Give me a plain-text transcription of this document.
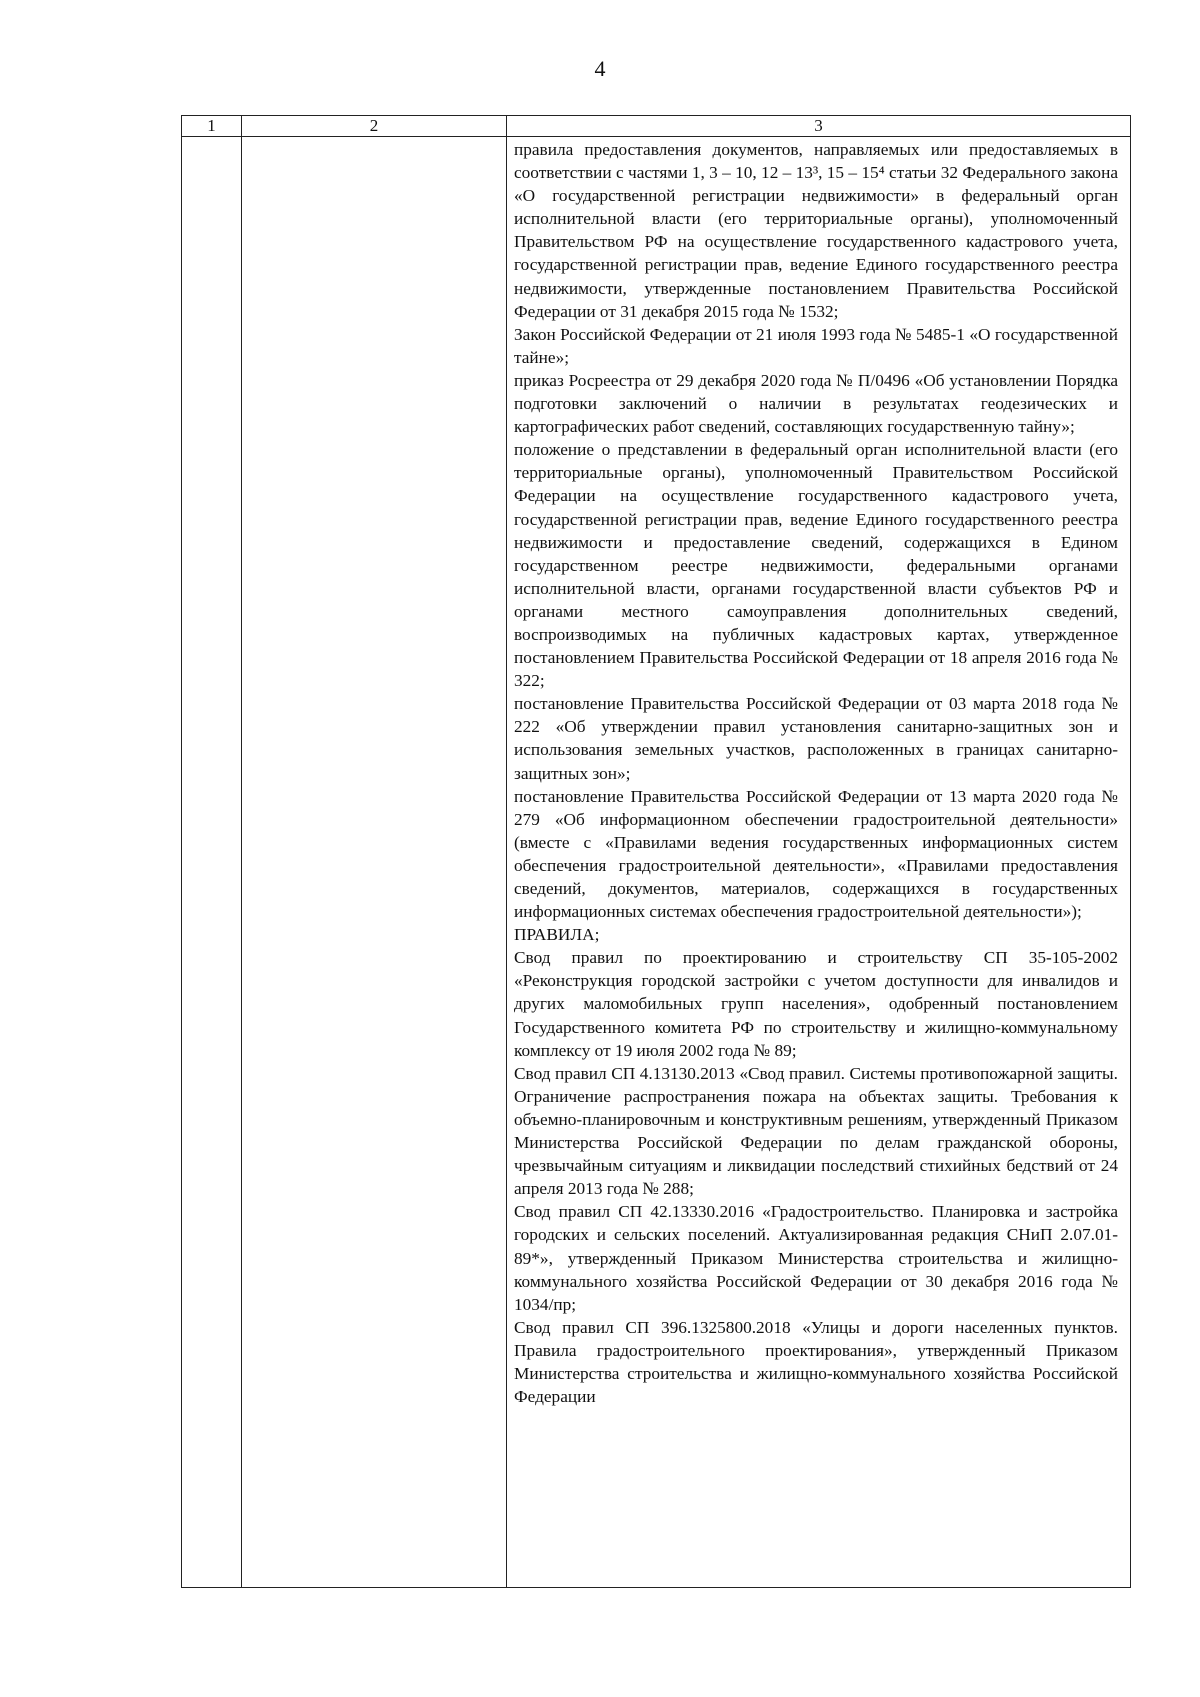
4
1	2	3

правила предоставления документов, направляемых или предоставляемых в соответствии с частями 1, 3 – 10, 12 – 13³, 15 – 15⁴ статьи 32 Федерального закона «О государственной регистрации недвижимости» в федеральный орган исполнительной власти (его территориальные органы), уполномоченный Правительством РФ на осуществление государственного кадастрового учета, государственной регистрации прав, ведение Единого государственного реестра недвижимости, утвержденные постановлением Правительства Российской Федерации от 31 декабря 2015 года № 1532;

Закон Российской Федерации от 21 июля 1993 года № 5485-1 «О государственной тайне»;

приказ Росреестра от 29 декабря 2020 года № П/0496 «Об установлении Порядка подготовки заключений о наличии в результатах геодезических и картографических работ сведений, составляющих государственную тайну»;

положение о представлении в федеральный орган исполнительной власти (его территориальные органы), уполномоченный Правительством Российской Федерации на осуществление государственного кадастрового учета, государственной регистрации прав, ведение Единого государственного реестра недвижимости и предоставление сведений, содержащихся в Едином государственном реестре недвижимости, федеральными органами исполнительной власти, органами государственной власти субъектов РФ и органами местного самоуправления дополнительных сведений, воспроизводимых на публичных кадастровых картах, утвержденное постановлением Правительства Российской Федерации от 18 апреля 2016 года № 322;

постановление Правительства Российской Федерации от 03 марта 2018 года № 222 «Об утверждении правил установления санитарно-защитных зон и использования земельных участков, расположенных в границах санитарно-защитных зон»;

постановление Правительства Российской Федерации от 13 марта 2020 года № 279 «Об информационном обеспечении градостроительной деятельности» (вместе с «Правилами ведения государственных информационных систем обеспечения градостроительной деятельности», «Правилами предоставления сведений, документов, материалов, содержащихся в государственных информационных системах обеспечения градостроительной деятельности»);

ПРАВИЛА;

Свод правил по проектированию и строительству СП 35-105-2002 «Реконструкция городской застройки с учетом доступности для инвалидов и других маломобильных групп населения», одобренный постановлением Государственного комитета РФ по строительству и жилищно-коммунальному комплексу от 19 июля 2002 года № 89;

Свод правил СП 4.13130.2013 «Свод правил. Системы противопожарной защиты. Ограничение распространения пожара на объектах защиты. Требования к объемно-планировочным и конструктивным решениям, утвержденный Приказом Министерства Российской Федерации по делам гражданской обороны, чрезвычайным ситуациям и ликвидации последствий стихийных бедствий от 24 апреля 2013 года № 288;

Свод правил СП 42.13330.2016 «Градостроительство. Планировка и застройка городских и сельских поселений. Актуализированная редакция СНиП 2.07.01-89*», утвержденный Приказом Министерства строительства и жилищно-коммунального хозяйства Российской Федерации от 30 декабря 2016 года № 1034/пр;

Свод правил СП 396.1325800.2018 «Улицы и дороги населенных пунктов. Правила градостроительного проектирования», утвержденный Приказом Министерства строительства и жилищно-коммунального хозяйства Российской Федерации
